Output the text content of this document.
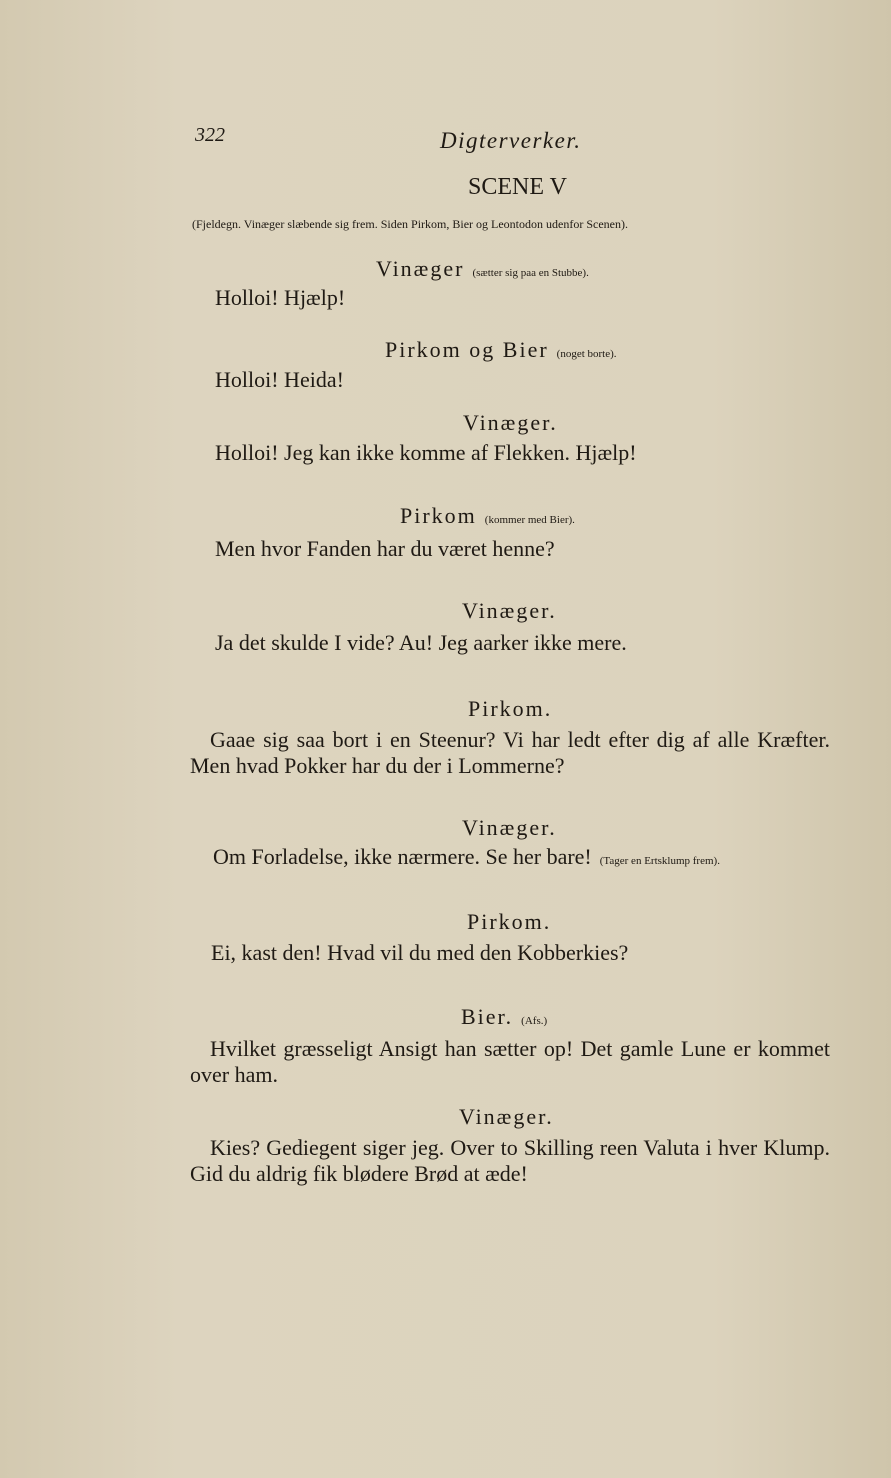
322	Digterverker.
SCENE V
(Fjeldegn. Vinæger slæbende sig frem. Siden Pirkom, Bier og Leontodon udenfor Scenen).
Vinæger (sætter sig paa en Stubbe).
Holloi! Hjælp!
Pirkom og Bier (noget borte).
Holloi! Heida!
Vinæger.
Holloi! Jeg kan ikke komme af Flekken. Hjælp!
Pirkom (kommer med Bier).
Men hvor Fanden har du været henne?
Vinæger.
Ja det skulde I vide? Au! Jeg aarker ikke mere.
Pirkom.
Gaae sig saa bort i en Steenur? Vi har ledt efter dig af alle Kræfter. Men hvad Pokker har du der i Lommerne?
Vinæger.
Om Forladelse, ikke nærmere. Se her bare! (Tager en Ertsklump frem).
Pirkom.
Ei, kast den! Hvad vil du med den Kobberkies?
Bier. (Afs.)
Hvilket græsseligt Ansigt han sætter op! Det gamle Lune er kommet over ham.
Vinæger.
Kies? Gediegent siger jeg. Over to Skilling reen Valuta i hver Klump. Gid du aldrig fik blødere Brød at æde!
